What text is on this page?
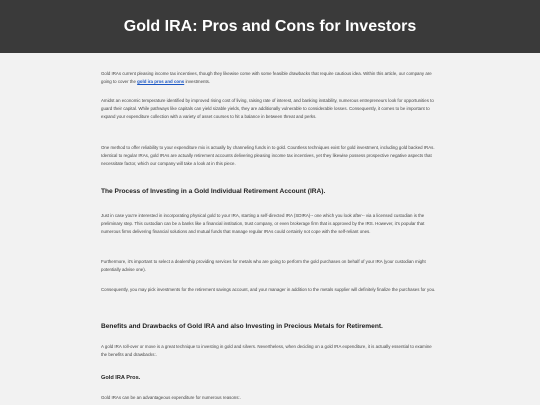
Gold IRA: Pros and Cons for Investors

Gold IRAs current pleasing income tax incentives, though they likewise come with some feasible drawbacks that require cautious idea. Within this article, our company are going to cover the gold ira pros and cons investments.

Amidst an economic temperature identified by improved rising cost of living, raising rate of interest, and banking instability, numerous entrepreneurs look for opportunities to guard their capital. While pathways like capitals can yield sizable yields, they are additionally vulnerable to considerable losses. Consequently, it comes to be important to expand your expenditure collection with a variety of asset courses to hit a balance in between threat and perks.

One method to offer reliability to your expenditure mix is actually by channeling funds in to gold. Countless techniques exist for gold investment, including gold backed IRAs. Identical to regular IRAs, gold IRAs are actually retirement accounts delivering pleasing income tax incentives, yet they likewise possess prospective negative aspects that necessitate factor, which our company will take a look at in this piece.

The Process of Investing in a Gold Individual Retirement Account (IRA).

Just in case you're interested in incorporating physical gold to your IRA, starting a self-directed IRA (SDIRA)-- one which you look after-- via a licensed custodian is the preliminary step. This custodian can be a banks like a financial institution, trust company, or even brokerage firm that is approved by the IRS. However, it's popular that numerous firms delivering financial solutions and mutual funds that manage regular IRAs could certainly not cope with the self-reliant ones.

Furthermore, it's important to select a dealership providing services for metals who are going to perform the gold purchases on behalf of your IRA (your custodian might potentially advise one).

Consequently, you may pick investments for the retirement savings account, and your manager in addition to the metals supplier will definitely finalize the purchases for you.

Benefits and Drawbacks of Gold IRA and also Investing in Precious Metals for Retirement.

A gold IRA roll-over or move is a great technique to investing in gold and silvers. Nevertheless, when deciding on a gold IRA expenditure, it is actually essential to examine the benefits and drawbacks:.

Gold IRA Pros.

Gold IRAs can be an advantageous expenditure for numerous reasons:.
